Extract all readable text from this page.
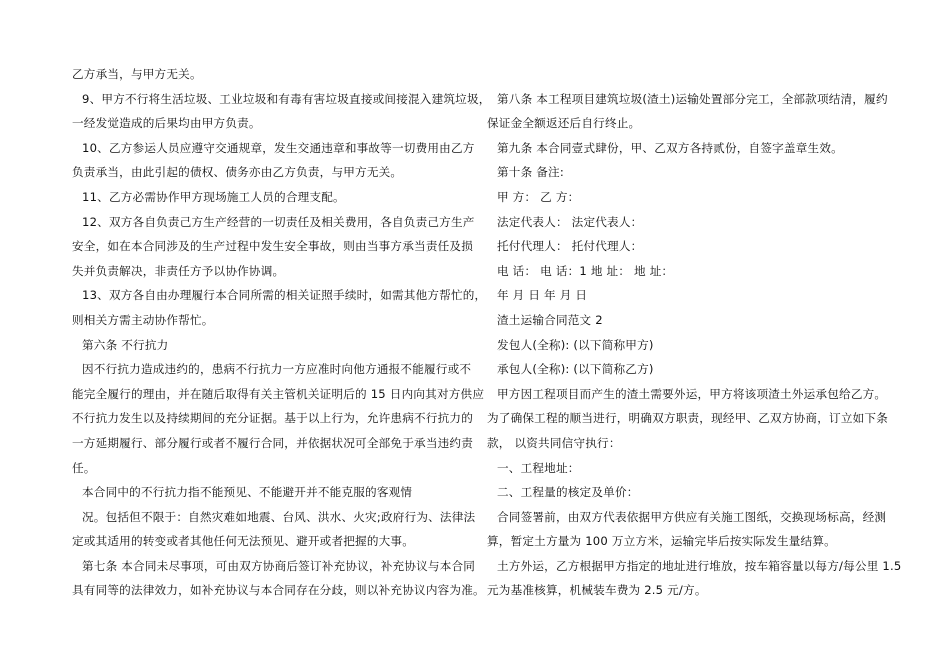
乙方承当，与甲方无关。
9、甲方不行将生活垃圾、工业垃圾和有毒有害垃圾直接或间接混入建筑垃圾，
一经发觉造成的后果均由甲方负责。
10、乙方参运人员应遵守交通规章，发生交通违章和事故等一切费用由乙方
负责承当，由此引起的债权、债务亦由乙方负责，与甲方无关。
11、乙方必需协作甲方现场施工人员的合理支配。
12、双方各自负责己方生产经营的一切责任及相关费用，各自负责己方生产
安全，如在本合同涉及的生产过程中发生安全事故，则由当事方承当责任及损
失并负责解决，非责任方予以协作协调。
13、双方各自由办理履行本合同所需的相关证照手续时，如需其他方帮忙的，
则相关方需主动协作帮忙。
第六条 不行抗力
因不行抗力造成违约的，患病不行抗力一方应准时向他方通报不能履行或不
能完全履行的理由，并在随后取得有关主管机关证明后的 15 日内向其对方供应
不行抗力发生以及持续期间的充分证据。基于以上行为，允许患病不行抗力的
一方延期履行、部分履行或者不履行合同，并依据状况可全部免于承当违约责
任。
本合同中的不行抗力指不能预见、不能避开并不能克服的客观情
况。包括但不限于：自然灾难如地震、台风、洪水、火灾;政府行为、法律法
定或其适用的转变或者其他任何无法预见、避开或者把握的大事。
第七条 本合同未尽事项，可由双方协商后签订补充协议，补充协议与本合同
具有同等的法律效力，如补充协议与本合同存在分歧，则以补充协议内容为准。
第八条 本工程项目建筑垃圾(渣土)运输处置部分完工，全部款项结清，履约
保证金全额返还后自行终止。
第九条 本合同壹式肆份，甲、乙双方各持贰份，自签字盖章生效。
第十条 备注:
甲 方： 乙 方：
法定代表人： 法定代表人：
托付代理人： 托付代理人：
电 话： 电 话：1 地 址： 地 址：
年 月 日 年 月 日
渣土运输合同范文 2
发包人(全称): (以下简称甲方)
承包人(全称): (以下简称乙方)
甲方因工程项目而产生的渣土需要外运，甲方将该项渣土外运承包给乙方。
为了确保工程的顺当进行，明确双方职责，现经甲、乙双方协商，订立如下条
款， 以资共同信守执行：
一、工程地址：
二、工程量的核定及单价：
合同签署前，由双方代表依据甲方供应有关施工图纸，交换现场标高，经测
算，暂定土方量为 100 万立方米，运输完毕后按实际发生量结算。
土方外运，乙方根据甲方指定的地址进行堆放，按车箱容量以每方/每公里 1.5
元为基准核算，机械装车费为 2.5 元/方。
